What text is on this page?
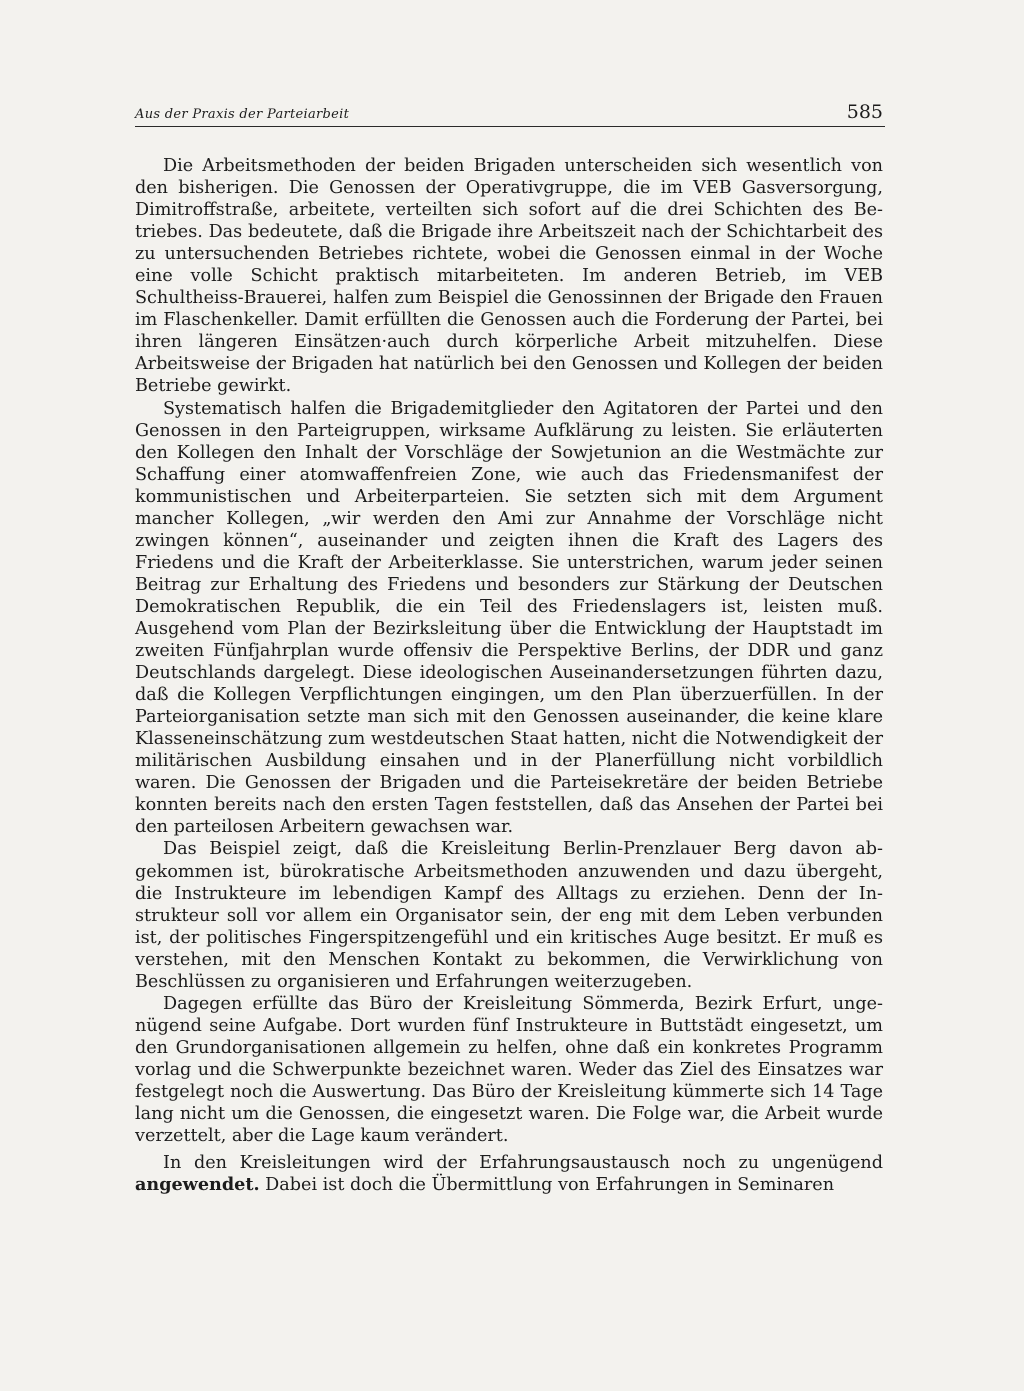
Aus der Praxis der Parteiarbeit	585

Die Arbeitsmethoden der beiden Brigaden unterscheiden sich wesentlich von den bisherigen. Die Genossen der Operativgruppe, die im VEB Gasversorgung, Dimitroffstraße, arbeitete, verteilten sich sofort auf die drei Schichten des Betriebes. Das bedeutete, daß die Brigade ihre Arbeitszeit nach der Schichtarbeit des zu untersuchenden Betriebes richtete, wobei die Genossen einmal in der Woche eine volle Schicht praktisch mitarbeiteten. Im anderen Betrieb, im VEB Schultheiss-Brauerei, halfen zum Beispiel die Genossinnen der Brigade den Frauen im Flaschenkeller. Damit erfüllten die Genossen auch die Forderung der Partei, bei ihren längeren Einsätzen·auch durch körperliche Arbeit mitzuhelfen. Diese Arbeitsweise der Brigaden hat natürlich bei den Genossen und Kollegen der beiden Betriebe gewirkt.

Systematisch halfen die Brigademitglieder den Agitatoren der Partei und den Genossen in den Parteigruppen, wirksame Aufklärung zu leisten. Sie erläuterten den Kollegen den Inhalt der Vorschläge der Sowjetunion an die Westmächte zur Schaffung einer atomwaffenfreien Zone, wie auch das Friedensmanifest der kommunistischen und Arbeiterparteien. Sie setzten sich mit dem Argument mancher Kollegen, „wir werden den Ami zur Annahme der Vorschläge nicht zwingen können“, auseinander und zeigten ihnen die Kraft des Lagers des Friedens und die Kraft der Arbeiterklasse. Sie unterstrichen, warum jeder seinen Beitrag zur Erhaltung des Friedens und besonders zur Stärkung der Deutschen Demokratischen Republik, die ein Teil des Friedenslagers ist, leisten muß. Ausgehend vom Plan der Bezirksleitung über die Entwicklung der Hauptstadt im zweiten Fünfjahrplan wurde offensiv die Perspektive Berlins, der DDR und ganz Deutschlands dargelegt. Diese ideologischen Auseinandersetzungen führten dazu, daß die Kollegen Verpflichtungen eingingen, um den Plan überzuerfüllen. In der Parteiorganisation setzte man sich mit den Genossen auseinander, die keine klare Klasseneinschätzung zum westdeutschen Staat hatten, nicht die Notwendigkeit der militärischen Ausbildung einsahen und in der Planerfüllung nicht vorbildlich waren. Die Genossen der Brigaden und die Parteisekretäre der beiden Betriebe konnten bereits nach den ersten Tagen feststellen, daß das Ansehen der Partei bei den parteilosen Arbeitern gewachsen war.

Das Beispiel zeigt, daß die Kreisleitung Berlin-Prenzlauer Berg davon abgekommen ist, bürokratische Arbeitsmethoden anzuwenden und dazu übergeht, die Instrukteure im lebendigen Kampf des Alltags zu erziehen. Denn der Instrukteur soll vor allem ein Organisator sein, der eng mit dem Leben verbunden ist, der politisches Fingerspitzengefühl und ein kritisches Auge besitzt. Er muß es verstehen, mit den Menschen Kontakt zu bekommen, die Verwirklichung von Beschlüssen zu organisieren und Erfahrungen weiterzugeben.

Dagegen erfüllte das Büro der Kreisleitung Sömmerda, Bezirk Erfurt, ungenügend seine Aufgabe. Dort wurden fünf Instrukteure in Buttstädt eingesetzt, um den Grundorganisationen allgemein zu helfen, ohne daß ein konkretes Programm vorlag und die Schwerpunkte bezeichnet waren. Weder das Ziel des Einsatzes war festgelegt noch die Auswertung. Das Büro der Kreisleitung kümmerte sich 14 Tage lang nicht um die Genossen, die eingesetzt waren. Die Folge war, die Arbeit wurde verzettelt, aber die Lage kaum verändert.

In den Kreisleitungen wird der Erfahrungsaustausch noch zu ungenügend angewendet. Dabei ist doch die Übermittlung von Erfahrungen in Seminaren
